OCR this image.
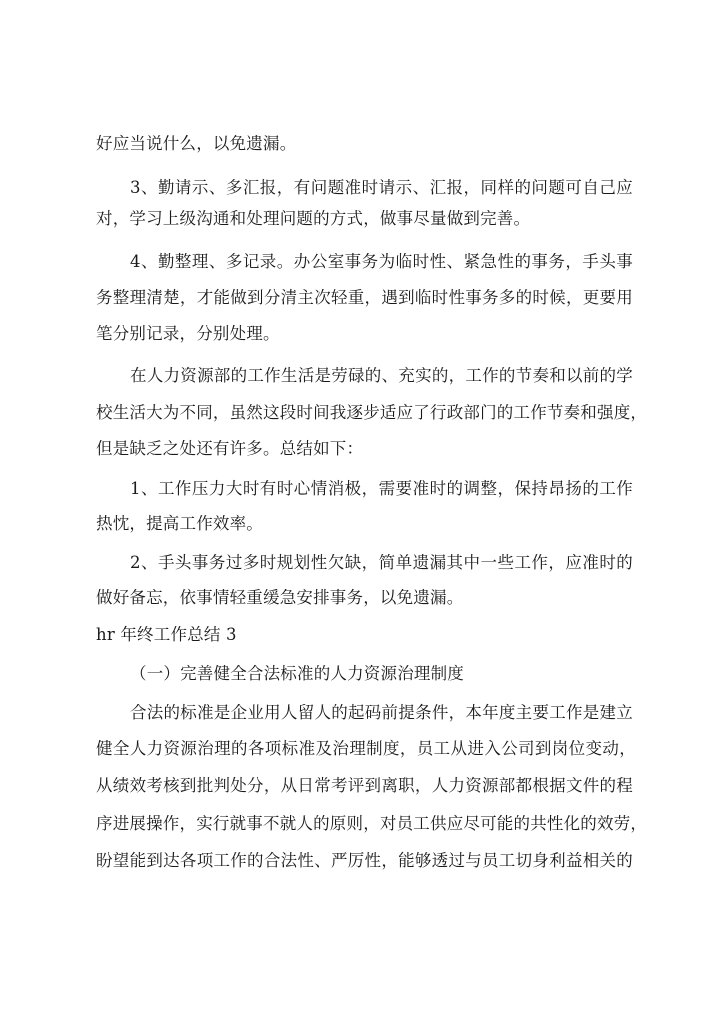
好应当说什么，以免遗漏。
3、勤请示、多汇报，有问题准时请示、汇报，同样的问题可自己应
对，学习上级沟通和处理问题的方式，做事尽量做到完善。
4、勤整理、多记录。办公室事务为临时性、紧急性的事务，手头事
务整理清楚，才能做到分清主次轻重，遇到临时性事务多的时候，更要用
笔分别记录，分别处理。
在人力资源部的工作生活是劳碌的、充实的，工作的节奏和以前的学
校生活大为不同，虽然这段时间我逐步适应了行政部门的工作节奏和强度，
但是缺乏之处还有许多。总结如下：
1、工作压力大时有时心情消极，需要准时的调整，保持昂扬的工作
热忱，提高工作效率。
2、手头事务过多时规划性欠缺，简单遗漏其中一些工作，应准时的
做好备忘，依事情轻重缓急安排事务，以免遗漏。
hr 年终工作总结 3
（一）完善健全合法标准的人力资源治理制度
合法的标准是企业用人留人的起码前提条件，本年度主要工作是建立
健全人力资源治理的各项标准及治理制度，员工从进入公司到岗位变动，
从绩效考核到批判处分，从日常考评到离职，人力资源部都根据文件的程
序进展操作，实行就事不就人的原则，对员工供应尽可能的共性化的效劳，
盼望能到达各项工作的合法性、严厉性，能够透过与员工切身利益相关的
